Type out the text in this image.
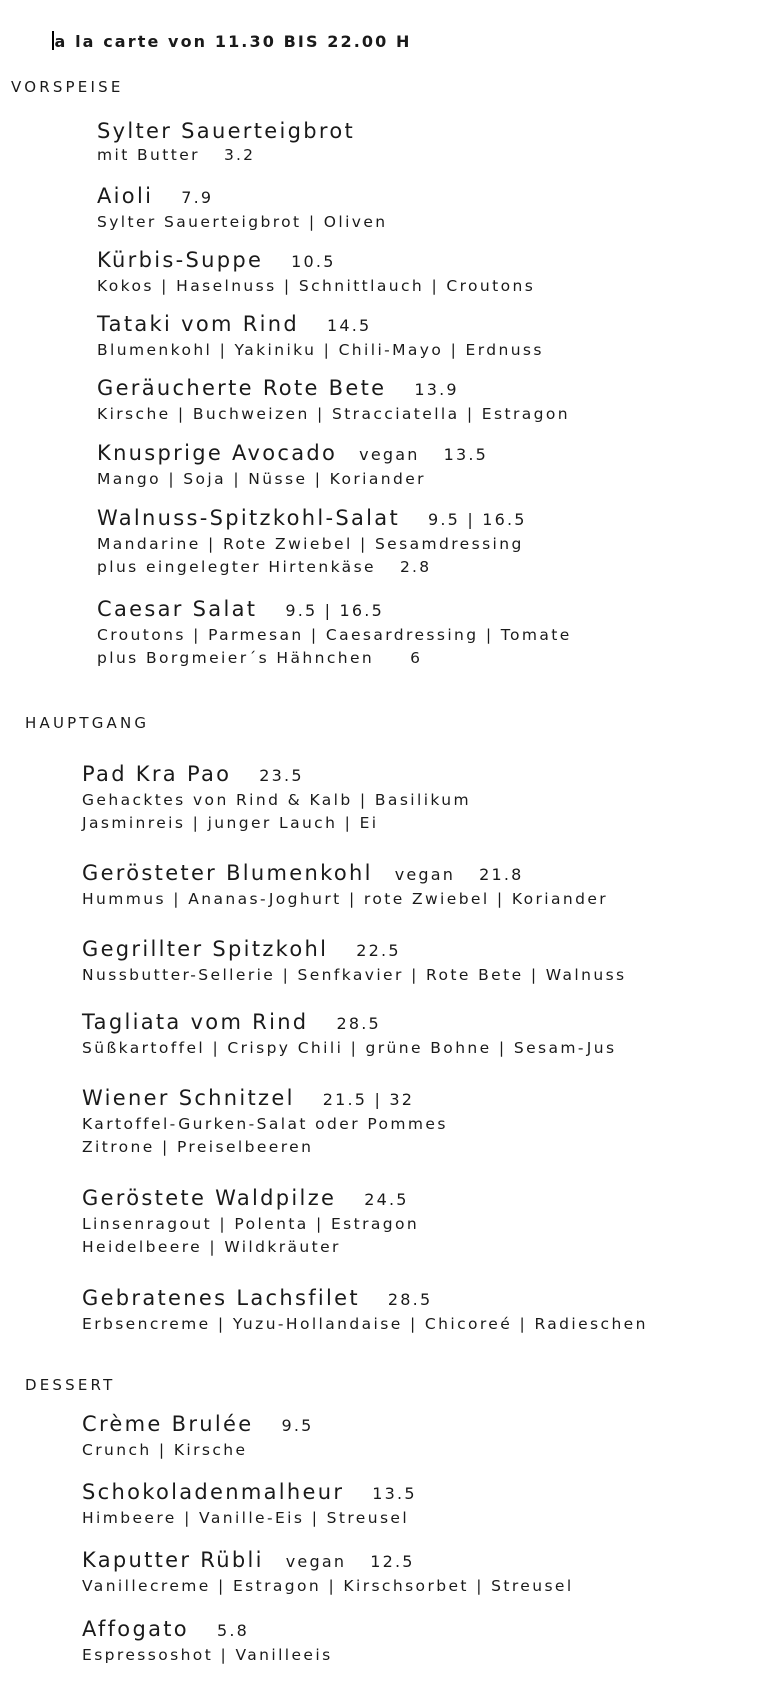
a la carte von 11.30 BIS 22.00 H
VORSPEISE
Sylter Sauerteigbrot
mit Butter 3.2
Aioli 7.9
Sylter Sauerteigbrot | Oliven
Kürbis-Suppe 10.5
Kokos | Haselnuss | Schnittlauch | Croutons
Tataki vom Rind 14.5
Blumenkohl | Yakiniku | Chili-Mayo | Erdnuss
Geräucherte Rote Bete 13.9
Kirsche | Buchweizen | Stracciatella | Estragon
Knusprige Avocado vegan 13.5
Mango | Soja | Nüsse | Koriander
Walnuss-Spitzkohl-Salat 9.5 | 16.5
Mandarine | Rote Zwiebel | Sesamdressing
plus eingelegter Hirtenkäse 2.8
Caesar Salat 9.5 | 16.5
Croutons | Parmesan | Caesardressing | Tomate
plus Borgmeier´s Hähnchen 6
HAUPTGANG
Pad Kra Pao 23.5
Gehacktes von Rind & Kalb | Basilikum
Jasminreis | junger Lauch | Ei
Gerösteter Blumenkohl vegan 21.8
Hummus | Ananas-Joghurt | rote Zwiebel | Koriander
Gegrillter Spitzkohl 22.5
Nussbutter-Sellerie | Senfkavier | Rote Bete | Walnuss
Tagliata vom Rind 28.5
Süßkartoffel | Crispy Chili | grüne Bohne | Sesam-Jus
Wiener Schnitzel 21.5 | 32
Kartoffel-Gurken-Salat oder Pommes
Zitrone | Preiselbeeren
Geröstete Waldpilze 24.5
Linsenragout | Polenta | Estragon
Heidelbeere | Wildkräuter
Gebratenes Lachsfilet 28.5
Erbsencreme | Yuzu-Hollandaise | Chicoreé | Radieschen
DESSERT
Crème Brulée 9.5
Crunch | Kirsche
Schokoladenmalheur 13.5
Himbeere | Vanille-Eis | Streusel
Kaputter Rübli vegan 12.5
Vanillecreme | Estragon | Kirschsorbet | Streusel
Affogato 5.8
Espressoshot | Vanilleeis
